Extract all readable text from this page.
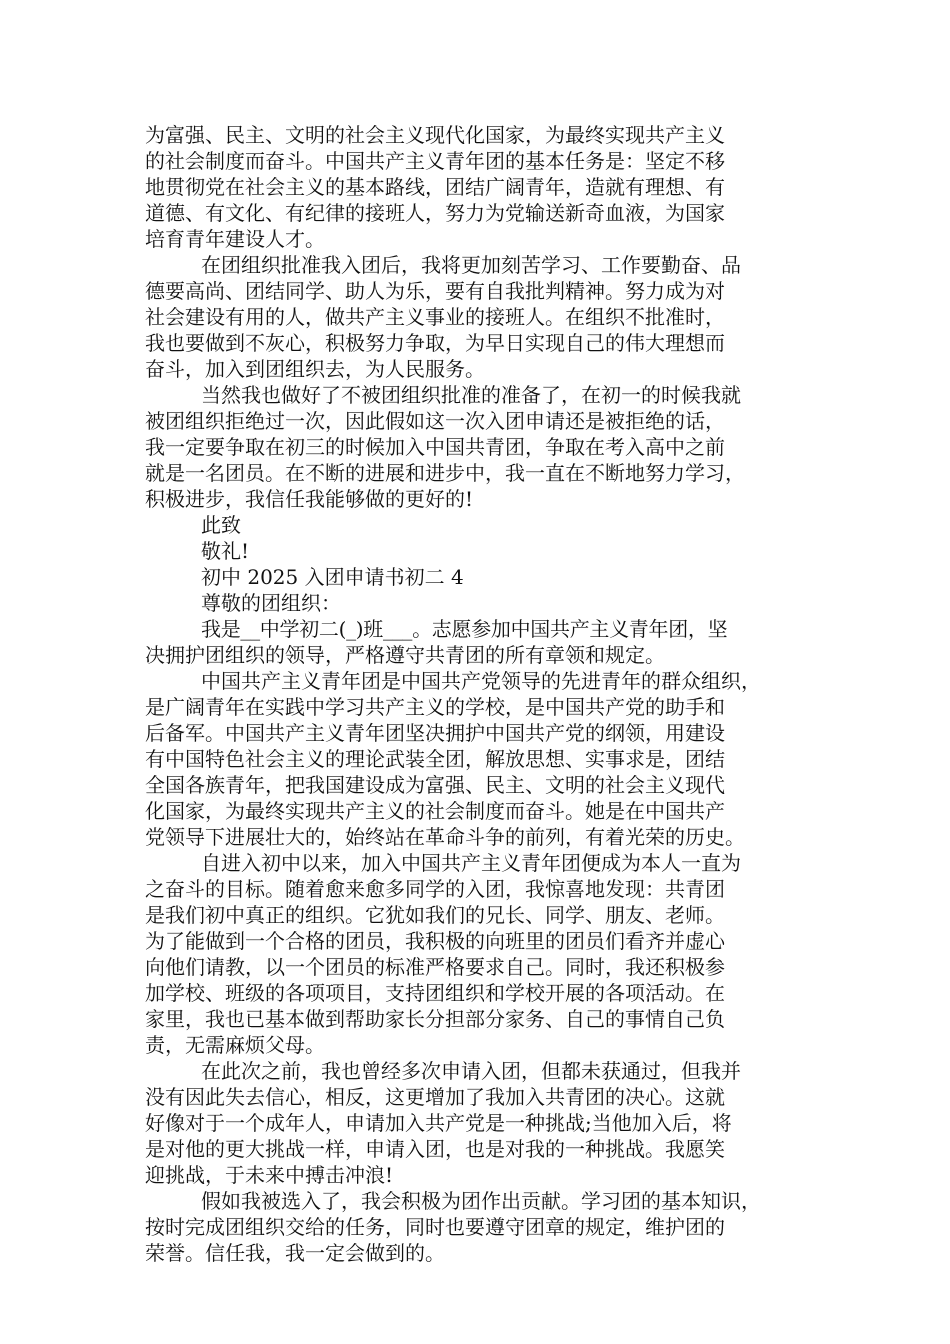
为富强、民主、文明的社会主义现代化国家，为最终实现共产主义
的社会制度而奋斗。中国共产主义青年团的基本任务是：坚定不移
地贯彻党在社会主义的基本路线，团结广阔青年，造就有理想、有
道德、有文化、有纪律的接班人，努力为党输送新奇血液，为国家
培育青年建设人才。
在团组织批准我入团后，我将更加刻苦学习、工作要勤奋、品
德要高尚、团结同学、助人为乐，要有自我批判精神。努力成为对
社会建设有用的人，做共产主义事业的接班人。在组织不批准时，
我也要做到不灰心，积极努力争取，为早日实现自己的伟大理想而
奋斗，加入到团组织去，为人民服务。
当然我也做好了不被团组织批准的准备了，在初一的时候我就
被团组织拒绝过一次，因此假如这一次入团申请还是被拒绝的话，
我一定要争取在初三的时候加入中国共青团，争取在考入高中之前
就是一名团员。在不断的进展和进步中，我一直在不断地努力学习，
积极进步，我信任我能够做的更好的!
此致
敬礼!
初中 2025 入团申请书初二 4
尊敬的团组织：
我是__中学初二(_)班___。志愿参加中国共产主义青年团，坚
决拥护团组织的领导，严格遵守共青团的所有章领和规定。
中国共产主义青年团是中国共产党领导的先进青年的群众组织，
是广阔青年在实践中学习共产主义的学校，是中国共产党的助手和
后备军。中国共产主义青年团坚决拥护中国共产党的纲领，用建设
有中国特色社会主义的理论武装全团，解放思想、实事求是，团结
全国各族青年，把我国建设成为富强、民主、文明的社会主义现代
化国家，为最终实现共产主义的社会制度而奋斗。她是在中国共产
党领导下进展壮大的，始终站在革命斗争的前列，有着光荣的历史。
自进入初中以来，加入中国共产主义青年团便成为本人一直为
之奋斗的目标。随着愈来愈多同学的入团，我惊喜地发现：共青团
是我们初中真正的组织。它犹如我们的兄长、同学、朋友、老师。
为了能做到一个合格的团员，我积极的向班里的团员们看齐并虚心
向他们请教，以一个团员的标准严格要求自己。同时，我还积极参
加学校、班级的各项项目，支持团组织和学校开展的各项活动。在
家里，我也已基本做到帮助家长分担部分家务、自己的事情自己负
责，无需麻烦父母。
在此次之前，我也曾经多次申请入团，但都未获通过，但我并
没有因此失去信心，相反，这更增加了我加入共青团的决心。这就
好像对于一个成年人，申请加入共产党是一种挑战;当他加入后，将
是对他的更大挑战一样，申请入团，也是对我的一种挑战。我愿笑
迎挑战，于未来中搏击冲浪!
假如我被选入了，我会积极为团作出贡献。学习团的基本知识，
按时完成团组织交给的任务，同时也要遵守团章的规定，维护团的
荣誉。信任我，我一定会做到的。
